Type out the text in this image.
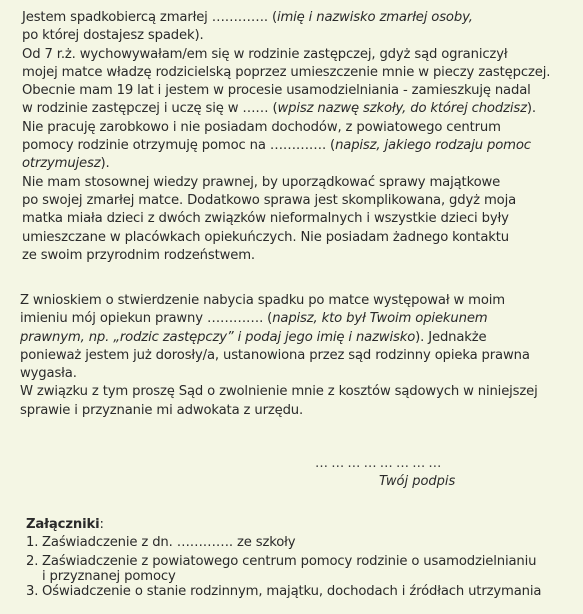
Jestem spadkobiercą zmarłej …………. (imię i nazwisko zmarłej osoby,
po której dostajesz spadek).
Od 7 r.ż. wychowywałam/em się w rodzinie zastępczej, gdyż sąd ograniczył
mojej matce władzę rodzicielską poprzez umieszczenie mnie w pieczy zastępczej.
Obecnie mam 19 lat i jestem w procesie usamodzielniania - zamieszkuję nadal
w rodzinie zastępczej i uczę się w …… (wpisz nazwę szkoły, do której chodzisz).
Nie pracuję zarobkowo i nie posiadam dochodów, z powiatowego centrum
pomocy rodzinie otrzymuję pomoc na …………. (napisz, jakiego rodzaju pomoc
otrzymujesz).
Nie mam stosownej wiedzy prawnej, by uporządkować sprawy majątkowe
po swojej zmarłej matce. Dodatkowo sprawa jest skomplikowana, gdyż moja
matka miała dzieci z dwóch związków nieformalnych i wszystkie dzieci były
umieszczane w placówkach opiekuńczych. Nie posiadam żadnego kontaktu
ze swoim przyrodnim rodzeństwem.
Z wnioskiem o stwierdzenie nabycia spadku po matce występował w moim
imieniu mój opiekun prawny …………. (napisz, kto był Twoim opiekunem
prawnym, np. „rodzic zastępczy” i podaj jego imię i nazwisko). Jednakże
ponieważ jestem już dorosły/a, ustanowiona przez sąd rodzinny opieka prawna
wygasła.
W związku z tym proszę Sąd o zwolnienie mnie z kosztów sądowych w niniejszej
sprawie i przyznanie mi adwokata z urzędu.
……………………
Twój podpis
Załączniki:
1. Zaświadczenie z dn. …………. ze szkoły
2. Zaświadczenie z powiatowego centrum pomocy rodzinie o usamodzielnianiu
i przyznanej pomocy
3. Oświadczenie o stanie rodzinnym, majątku, dochodach i źródłach utrzymania
